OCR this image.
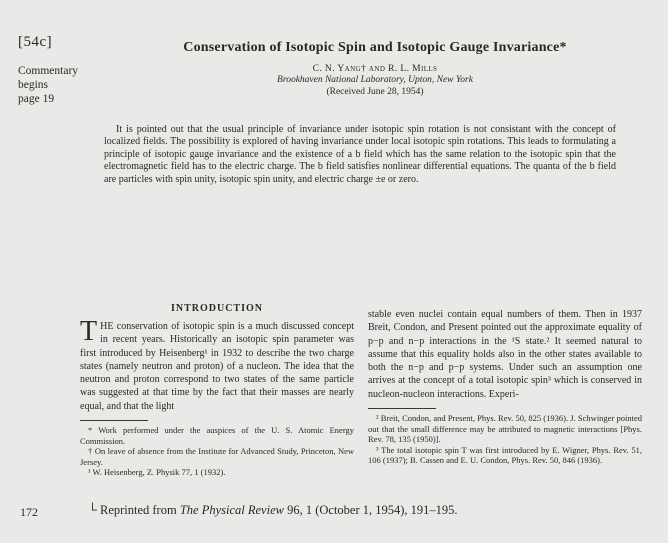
[54c]
Commentary
begins
page 19
Conservation of Isotopic Spin and Isotopic Gauge Invariance*
C. N. Yang† and R. L. Mills
Brookhaven National Laboratory, Upton, New York
(Received June 28, 1954)
It is pointed out that the usual principle of invariance under isotopic spin rotation is not consistant with the concept of localized fields. The possibility is explored of having invariance under local isotopic spin rotations. This leads to formulating a principle of isotopic gauge invariance and the existence of a b field which has the same relation to the isotopic spin that the electromagnetic field has to the electric charge. The b field satisfies nonlinear differential equations. The quanta of the b field are particles with spin unity, isotopic spin unity, and electric charge ±e or zero.
INTRODUCTION

THE conservation of isotopic spin is a much discussed concept in recent years. Historically an isotopic spin parameter was first introduced by Heisenberg¹ in 1932 to describe the two charge states (namely neutron and proton) of a nucleon. The idea that the neutron and proton correspond to two states of the same particle was suggested at that time by the fact that their masses are nearly equal, and that the light

* Work performed under the auspices of the U. S. Atomic Energy Commission.

† On leave of absence from the Institute for Advanced Study, Princeton, New Jersey.

¹ W. Heisenberg, Z. Physik 77, 1 (1932).

stable even nuclei contain equal numbers of them. Then in 1937 Breit, Condon, and Present pointed out the approximate equality of p−p and n−p interactions in the ¹S state.² It seemed natural to assume that this equality holds also in the other states available to both the n−p and p−p systems. Under such an assumption one arrives at the concept of a total isotopic spin³ which is conserved in nucleon-nucleon interactions. Experi-

² Breit, Condon, and Present, Phys. Rev. 50, 825 (1936). J. Schwinger pointed out that the small difference may be attributed to magnetic interactions [Phys. Rev. 78, 135 (1950)].

³ The total isotopic spin T was first introduced by E. Wigner, Phys. Rev. 51, 106 (1937); B. Cassen and E. U. Condon, Phys. Rev. 50, 846 (1936).

172	└ Reprinted from The Physical Review 96, 1 (October 1, 1954), 191–195.
